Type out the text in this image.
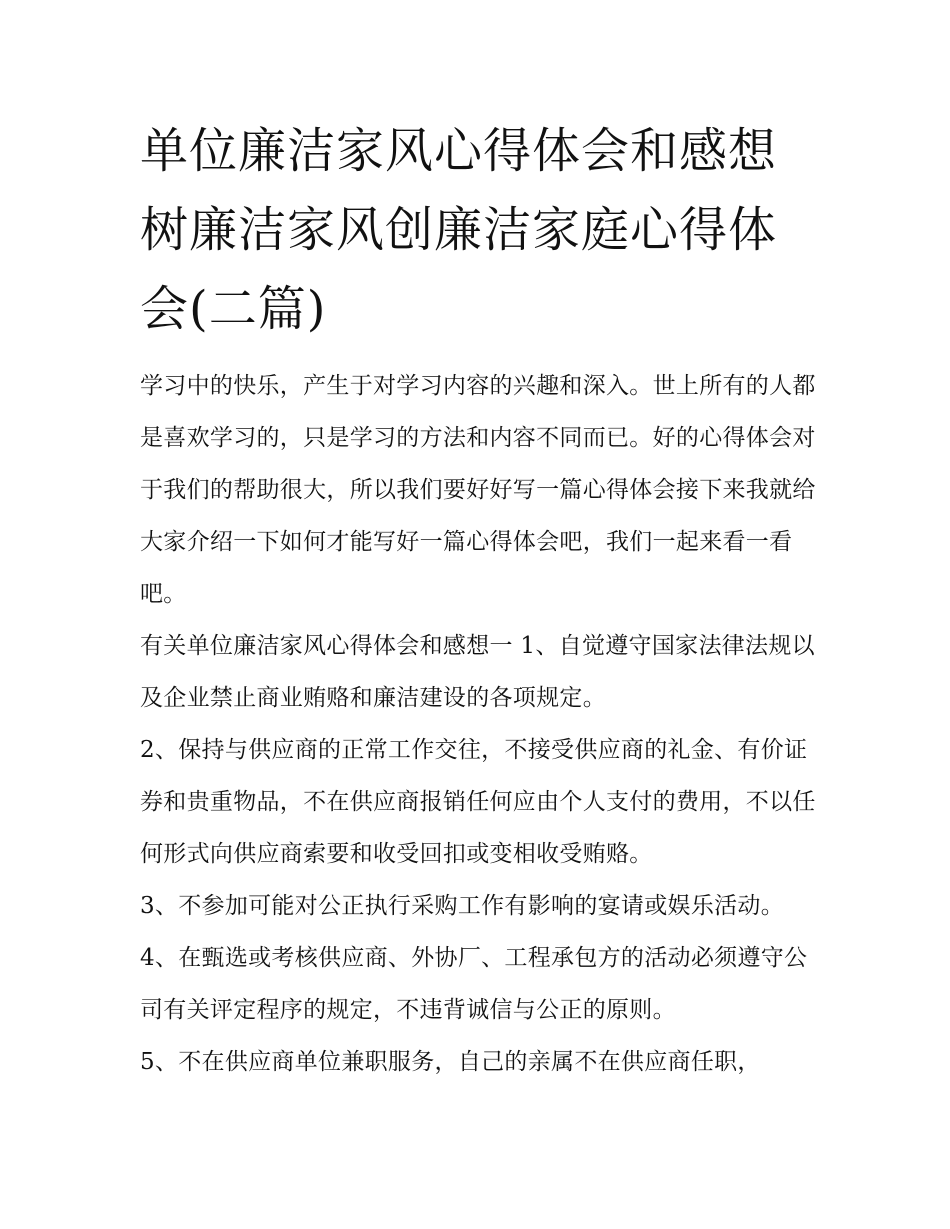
单位廉洁家风心得体会和感想树廉洁家风创廉洁家庭心得体会(二篇)

学习中的快乐，产生于对学习内容的兴趣和深入。世上所有的人都是喜欢学习的，只是学习的方法和内容不同而已。好的心得体会对于我们的帮助很大，所以我们要好好写一篇心得体会接下来我就给大家介绍一下如何才能写好一篇心得体会吧，我们一起来看一看吧。

有关单位廉洁家风心得体会和感想一 1、自觉遵守国家法律法规以及企业禁止商业贿赂和廉洁建设的各项规定。

2、保持与供应商的正常工作交往，不接受供应商的礼金、有价证券和贵重物品，不在供应商报销任何应由个人支付的费用，不以任何形式向供应商索要和收受回扣或变相收受贿赂。

3、不参加可能对公正执行采购工作有影响的宴请或娱乐活动。

4、在甄选或考核供应商、外协厂、工程承包方的活动必须遵守公司有关评定程序的规定，不违背诚信与公正的原则。

5、不在供应商单位兼职服务，自己的亲属不在供应商任职，
